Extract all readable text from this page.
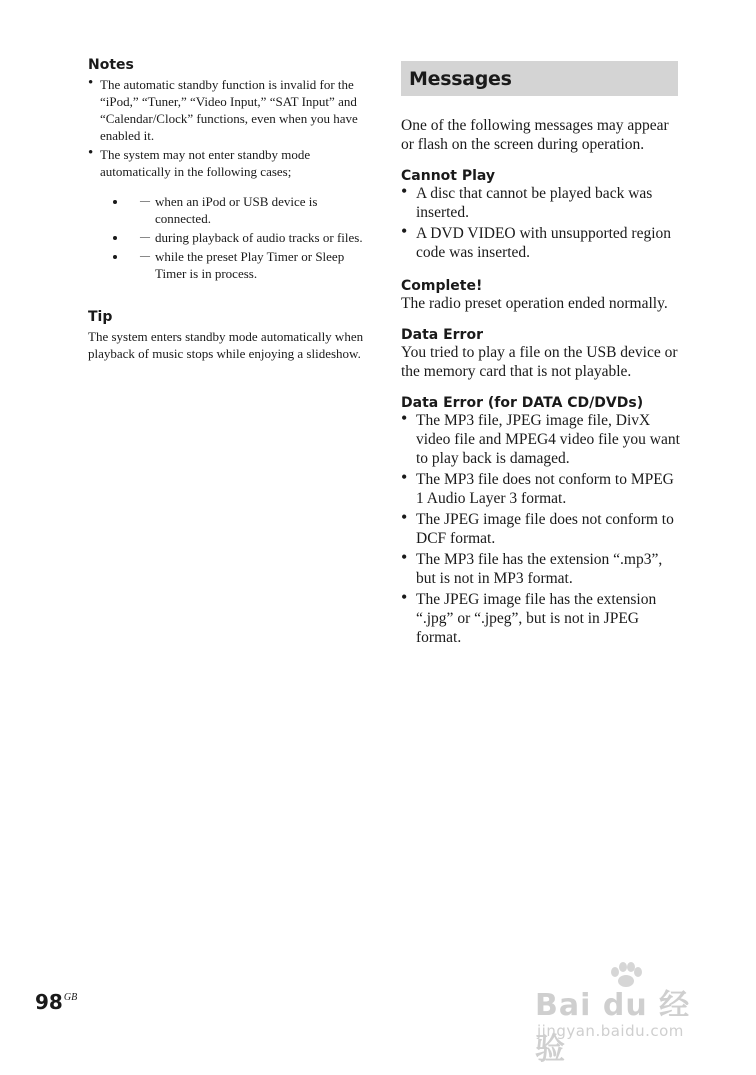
Notes
• The automatic standby function is invalid for the “iPod,” “Tuner,” “Video Input,” “SAT Input” and “Calendar/Clock” functions, even when you have enabled it.
• The system may not enter standby mode automatically in the following cases;
— • when an iPod or USB device is connected.
— • during playback of audio tracks or files.
— • while the preset Play Timer or Sleep Timer is in process.
Tip

The system enters standby mode automatically when playback of music stops while enjoying a slideshow.

Messages

One of the following messages may appear or flash on the screen during operation.

Cannot Play
• A disc that cannot be played back was inserted.
• A DVD VIDEO with unsupported region code was inserted.
Complete!

The radio preset operation ended normally.

Data Error

You tried to play a file on the USB device or the memory card that is not playable.

Data Error (for DATA CD/DVDs)
• The MP3 file, JPEG image file, DivX video file and MPEG4 video file you want to play back is damaged.
• The MP3 file does not conform to MPEG 1 Audio Layer 3 format.
• The JPEG image file does not conform to DCF format.
• The MP3 file has the extension “.mp3”, but is not in MP3 format.
• The JPEG image file has the extension “.jpg” or “.jpeg”, but is not in JPEG format.
$98^{GB}$	Bai du 经验
jingyan.baidu.com
